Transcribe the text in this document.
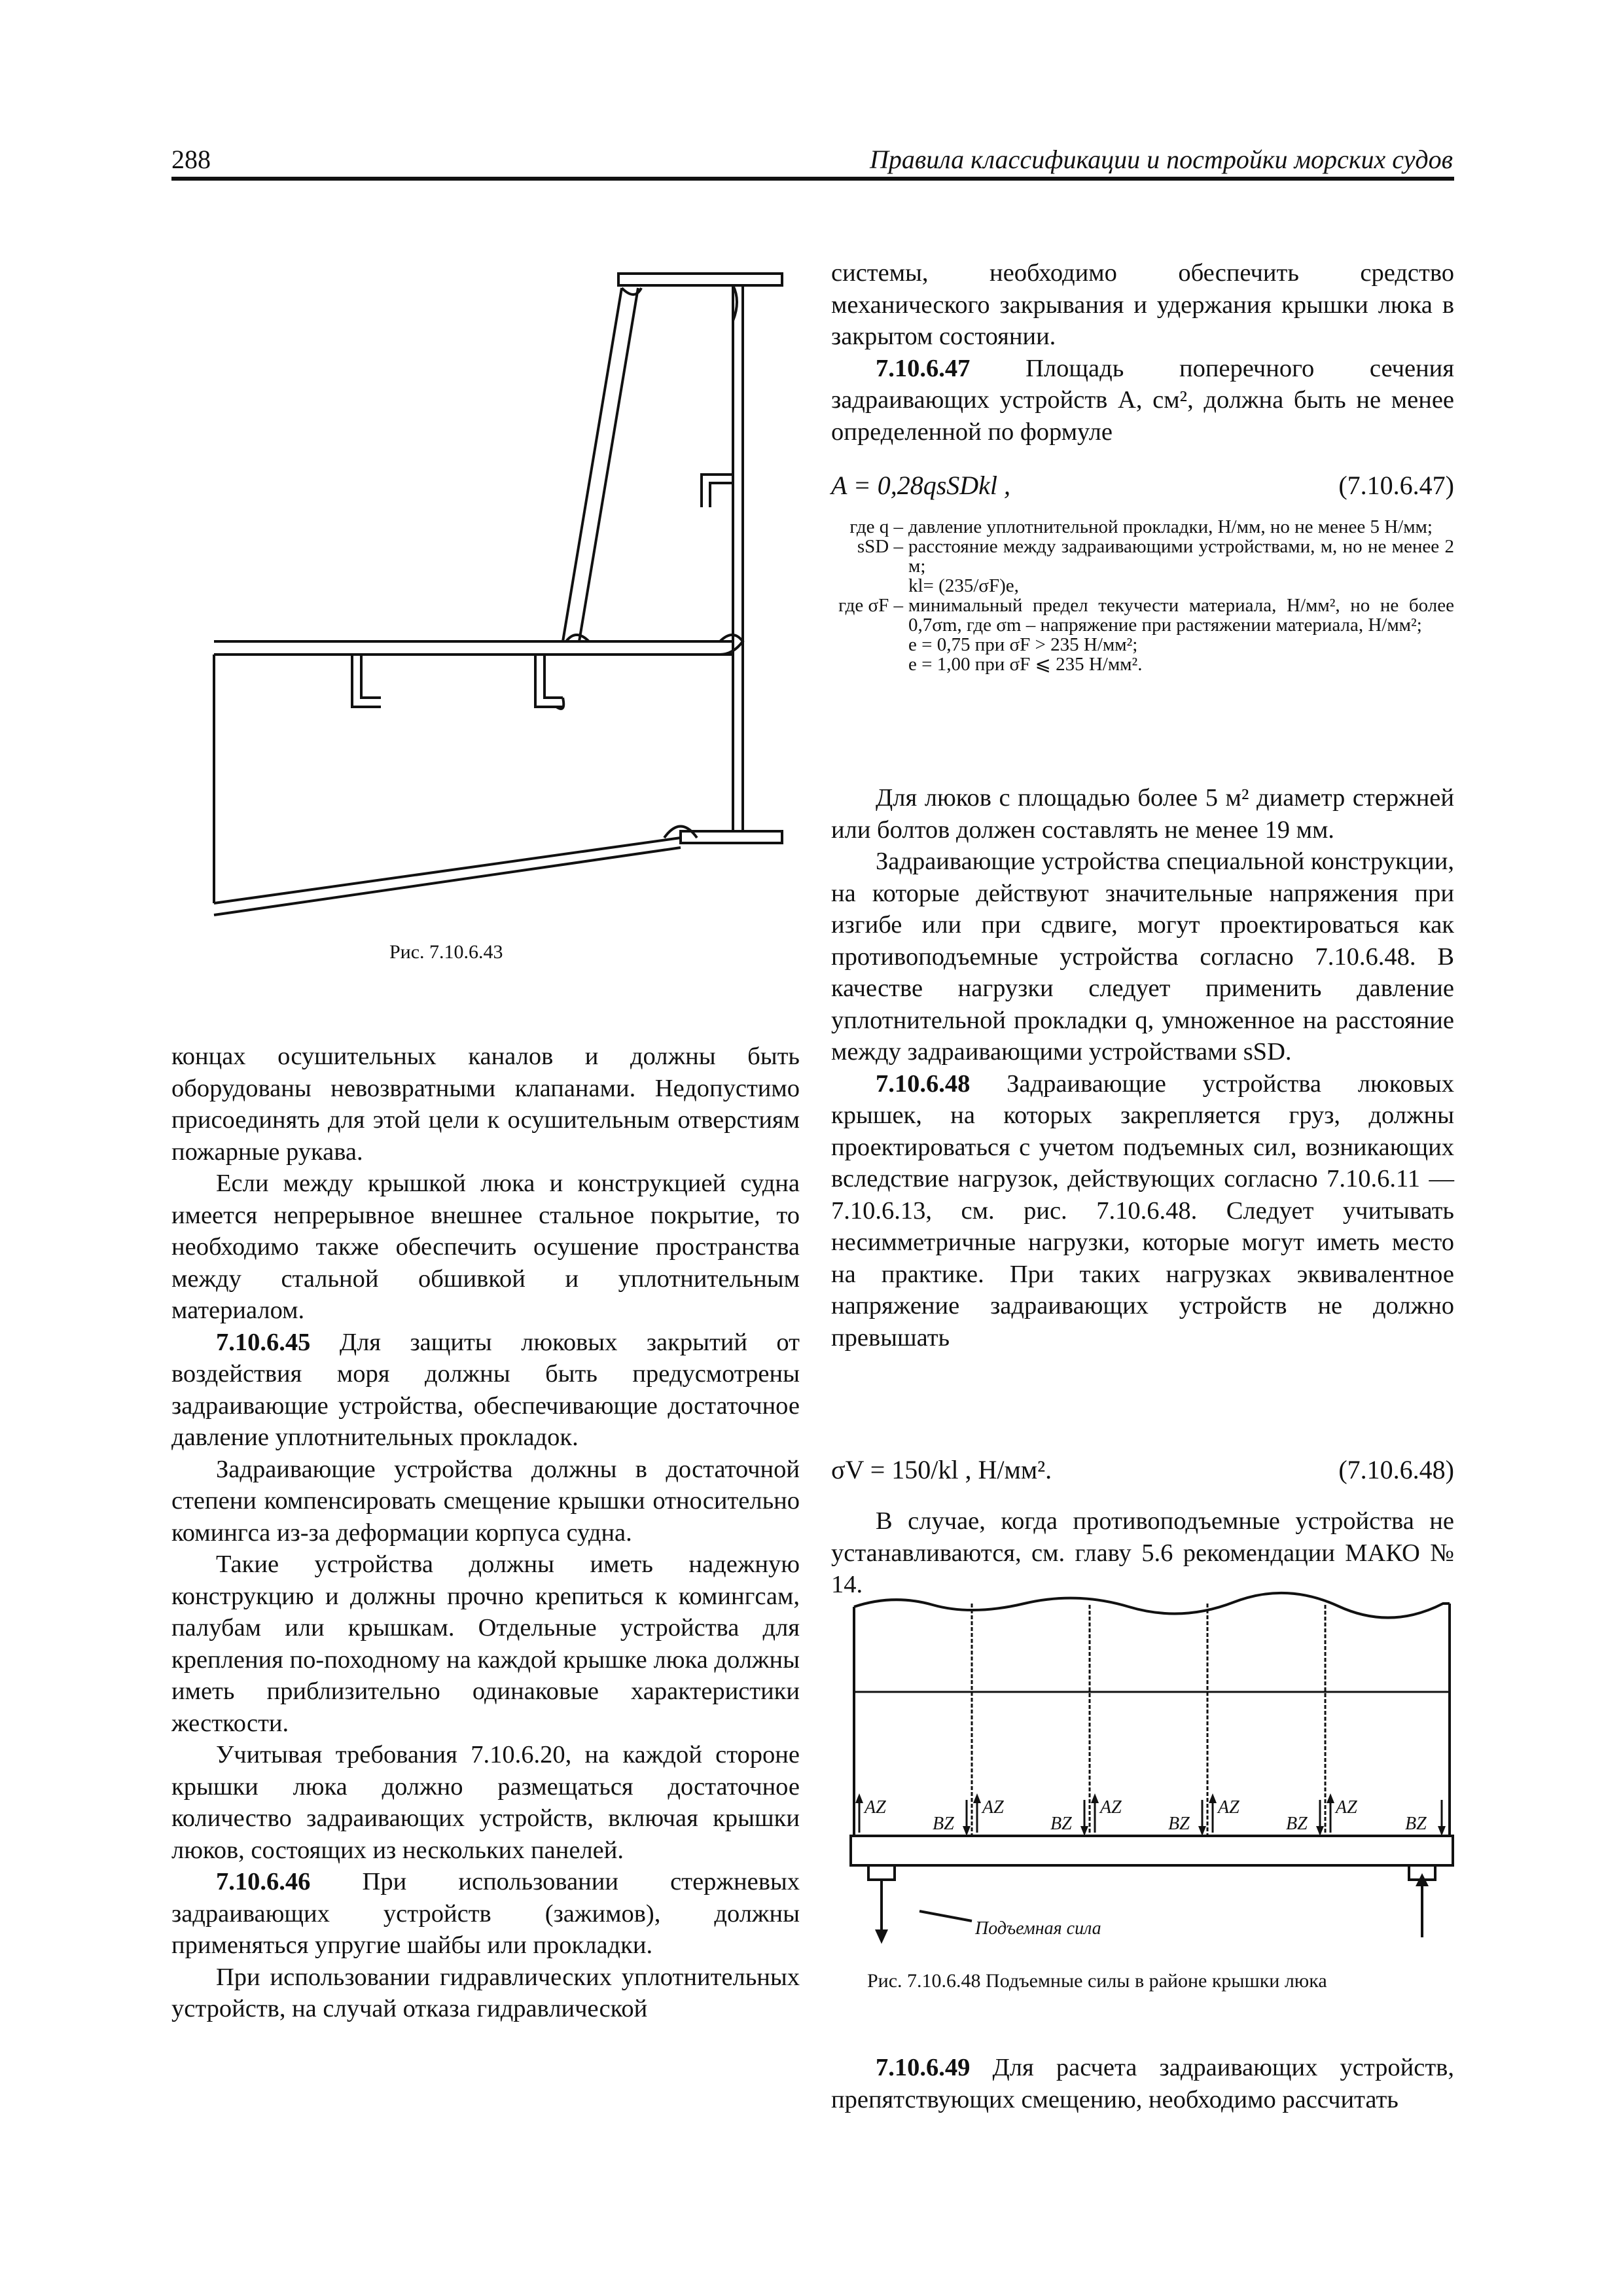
288	Правила классификации и постройки морских судов
Рис. 7.10.6.43

концах осушительных каналов и должны быть оборудованы невозвратными клапанами. Недопустимо присоединять для этой цели к осушительным отверстиям пожарные рукава.

Если между крышкой люка и конструкцией судна имеется непрерывное внешнее стальное покрытие, то необходимо также обеспечить осушение пространства между стальной обшивкой и уплотнительным материалом.

7.10.6.45 Для защиты люковых закрытий от воздействия моря должны быть предусмотрены задраивающие устройства, обеспечивающие достаточное давление уплотнительных прокладок.

Задраивающие устройства должны в достаточной степени компенсировать смещение крышки относительно комингса из-за деформации корпуса судна.

Такие устройства должны иметь надежную конструкцию и должны прочно крепиться к комингсам, палубам или крышкам. Отдельные устройства для крепления по-походному на каждой крышке люка должны иметь приблизительно одинаковые характеристики жесткости.

Учитывая требования 7.10.6.20, на каждой стороне крышки люка должно размещаться достаточное количество задраивающих устройств, включая крышки люков, состоящих из нескольких панелей.

7.10.6.46 При использовании стержневых задраивающих устройств (зажимов), должны применяться упругие шайбы или прокладки.

При использовании гидравлических уплотнительных устройств, на случай отказа гидравлической

системы, необходимо обеспечить средство механического закрывания и удержания крышки люка в закрытом состоянии.

7.10.6.47 Площадь поперечного сечения задраивающих устройств A, см², должна быть не менее определенной по формуле

A = 0,28qsSDkl ,	(7.10.6.47)
где q – давление уплотнительной прокладки, Н/мм, но не менее 5 Н/мм;
sSD – расстояние между задраивающими устройствами, м, но не менее 2 м;
kl= (235/σF)e,
где σF – минимальный предел текучести материала, Н/мм², но не более 0,7σm, где σm – напряжение при растяжении материала, Н/мм²;
e = 0,75 при σF > 235 Н/мм²;
e = 1,00 при σF ⩽ 235 Н/мм².

Для люков с площадью более 5 м² диаметр стержней или болтов должен составлять не менее 19 мм.

Задраивающие устройства специальной конструкции, на которые действуют значительные напряжения при изгибе или при сдвиге, могут проектироваться как противоподъемные устройства согласно 7.10.6.48. В качестве нагрузки следует применить давление уплотнительной прокладки q, умноженное на расстояние между задраивающими устройствами sSD.

7.10.6.48 Задраивающие устройства люковых крышек, на которых закрепляется груз, должны проектироваться с учетом подъемных сил, возникающих вследствие нагрузок, действующих согласно 7.10.6.11 — 7.10.6.13, см. рис. 7.10.6.48. Следует учитывать несимметричные нагрузки, которые могут иметь место на практике. При таких нагрузках эквивалентное напряжение задраивающих устройств не должно превышать

σV = 150/kl , Н/мм².	(7.10.6.48)

В случае, когда противоподъемные устройства не устанавливаются, см. главу 5.6 рекомендации МАКО № 14.

AZ
BZ
AZ
BZ
AZ
BZ
AZ
BZ
AZ
BZ
Подъемная сила
Рис. 7.10.6.48 Подъемные силы в районе крышки люка

7.10.6.49 Для расчета задраивающих устройств, препятствующих смещению, необходимо рассчитать
